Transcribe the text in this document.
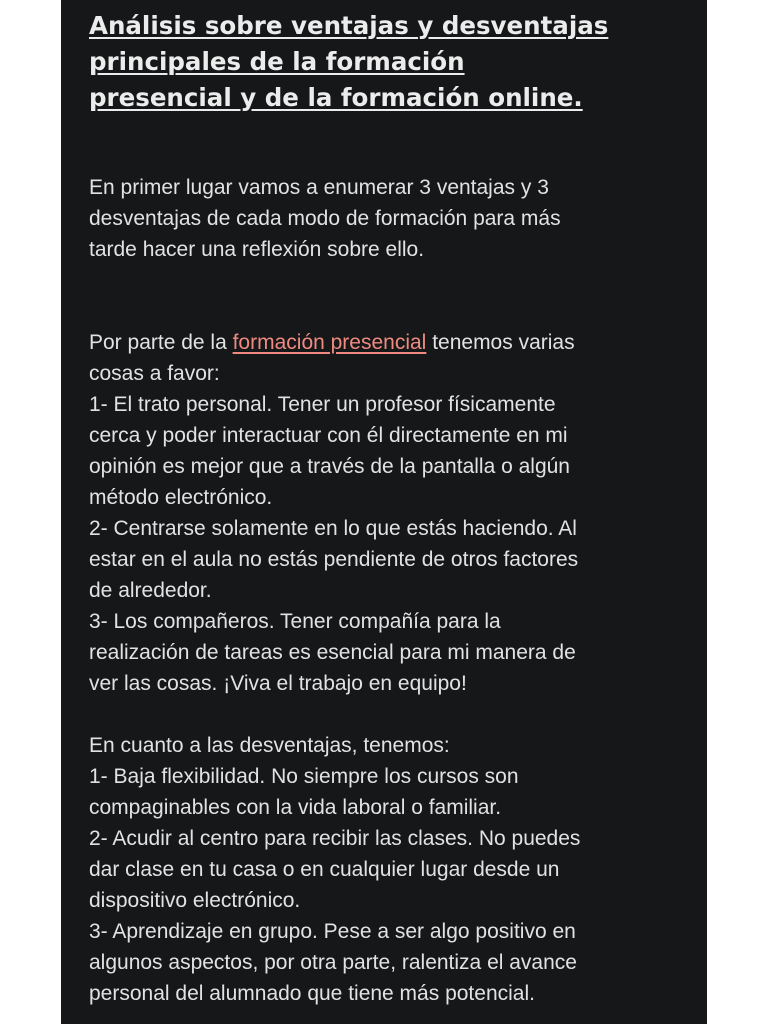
Análisis sobre ventajas y desventajas
principales de la formación
presencial y de la formación online.

En primer lugar vamos a enumerar 3 ventajas y 3
desventajas de cada modo de formación para más
tarde hacer una reflexión sobre ello.

Por parte de la formación presencial tenemos varias
cosas a favor:
1- El trato personal. Tener un profesor físicamente
cerca y poder interactuar con él directamente en mi
opinión es mejor que a través de la pantalla o algún
método electrónico.
2- Centrarse solamente en lo que estás haciendo. Al
estar en el aula no estás pendiente de otros factores
de alrededor.
3- Los compañeros. Tener compañía para la
realización de tareas es esencial para mi manera de
ver las cosas. ¡Viva el trabajo en equipo!

En cuanto a las desventajas, tenemos:
1- Baja flexibilidad. No siempre los cursos son
compaginables con la vida laboral o familiar.
2- Acudir al centro para recibir las clases. No puedes
dar clase en tu casa o en cualquier lugar desde un
dispositivo electrónico.
3- Aprendizaje en grupo. Pese a ser algo positivo en
algunos aspectos, por otra parte, ralentiza el avance
personal del alumnado que tiene más potencial.
